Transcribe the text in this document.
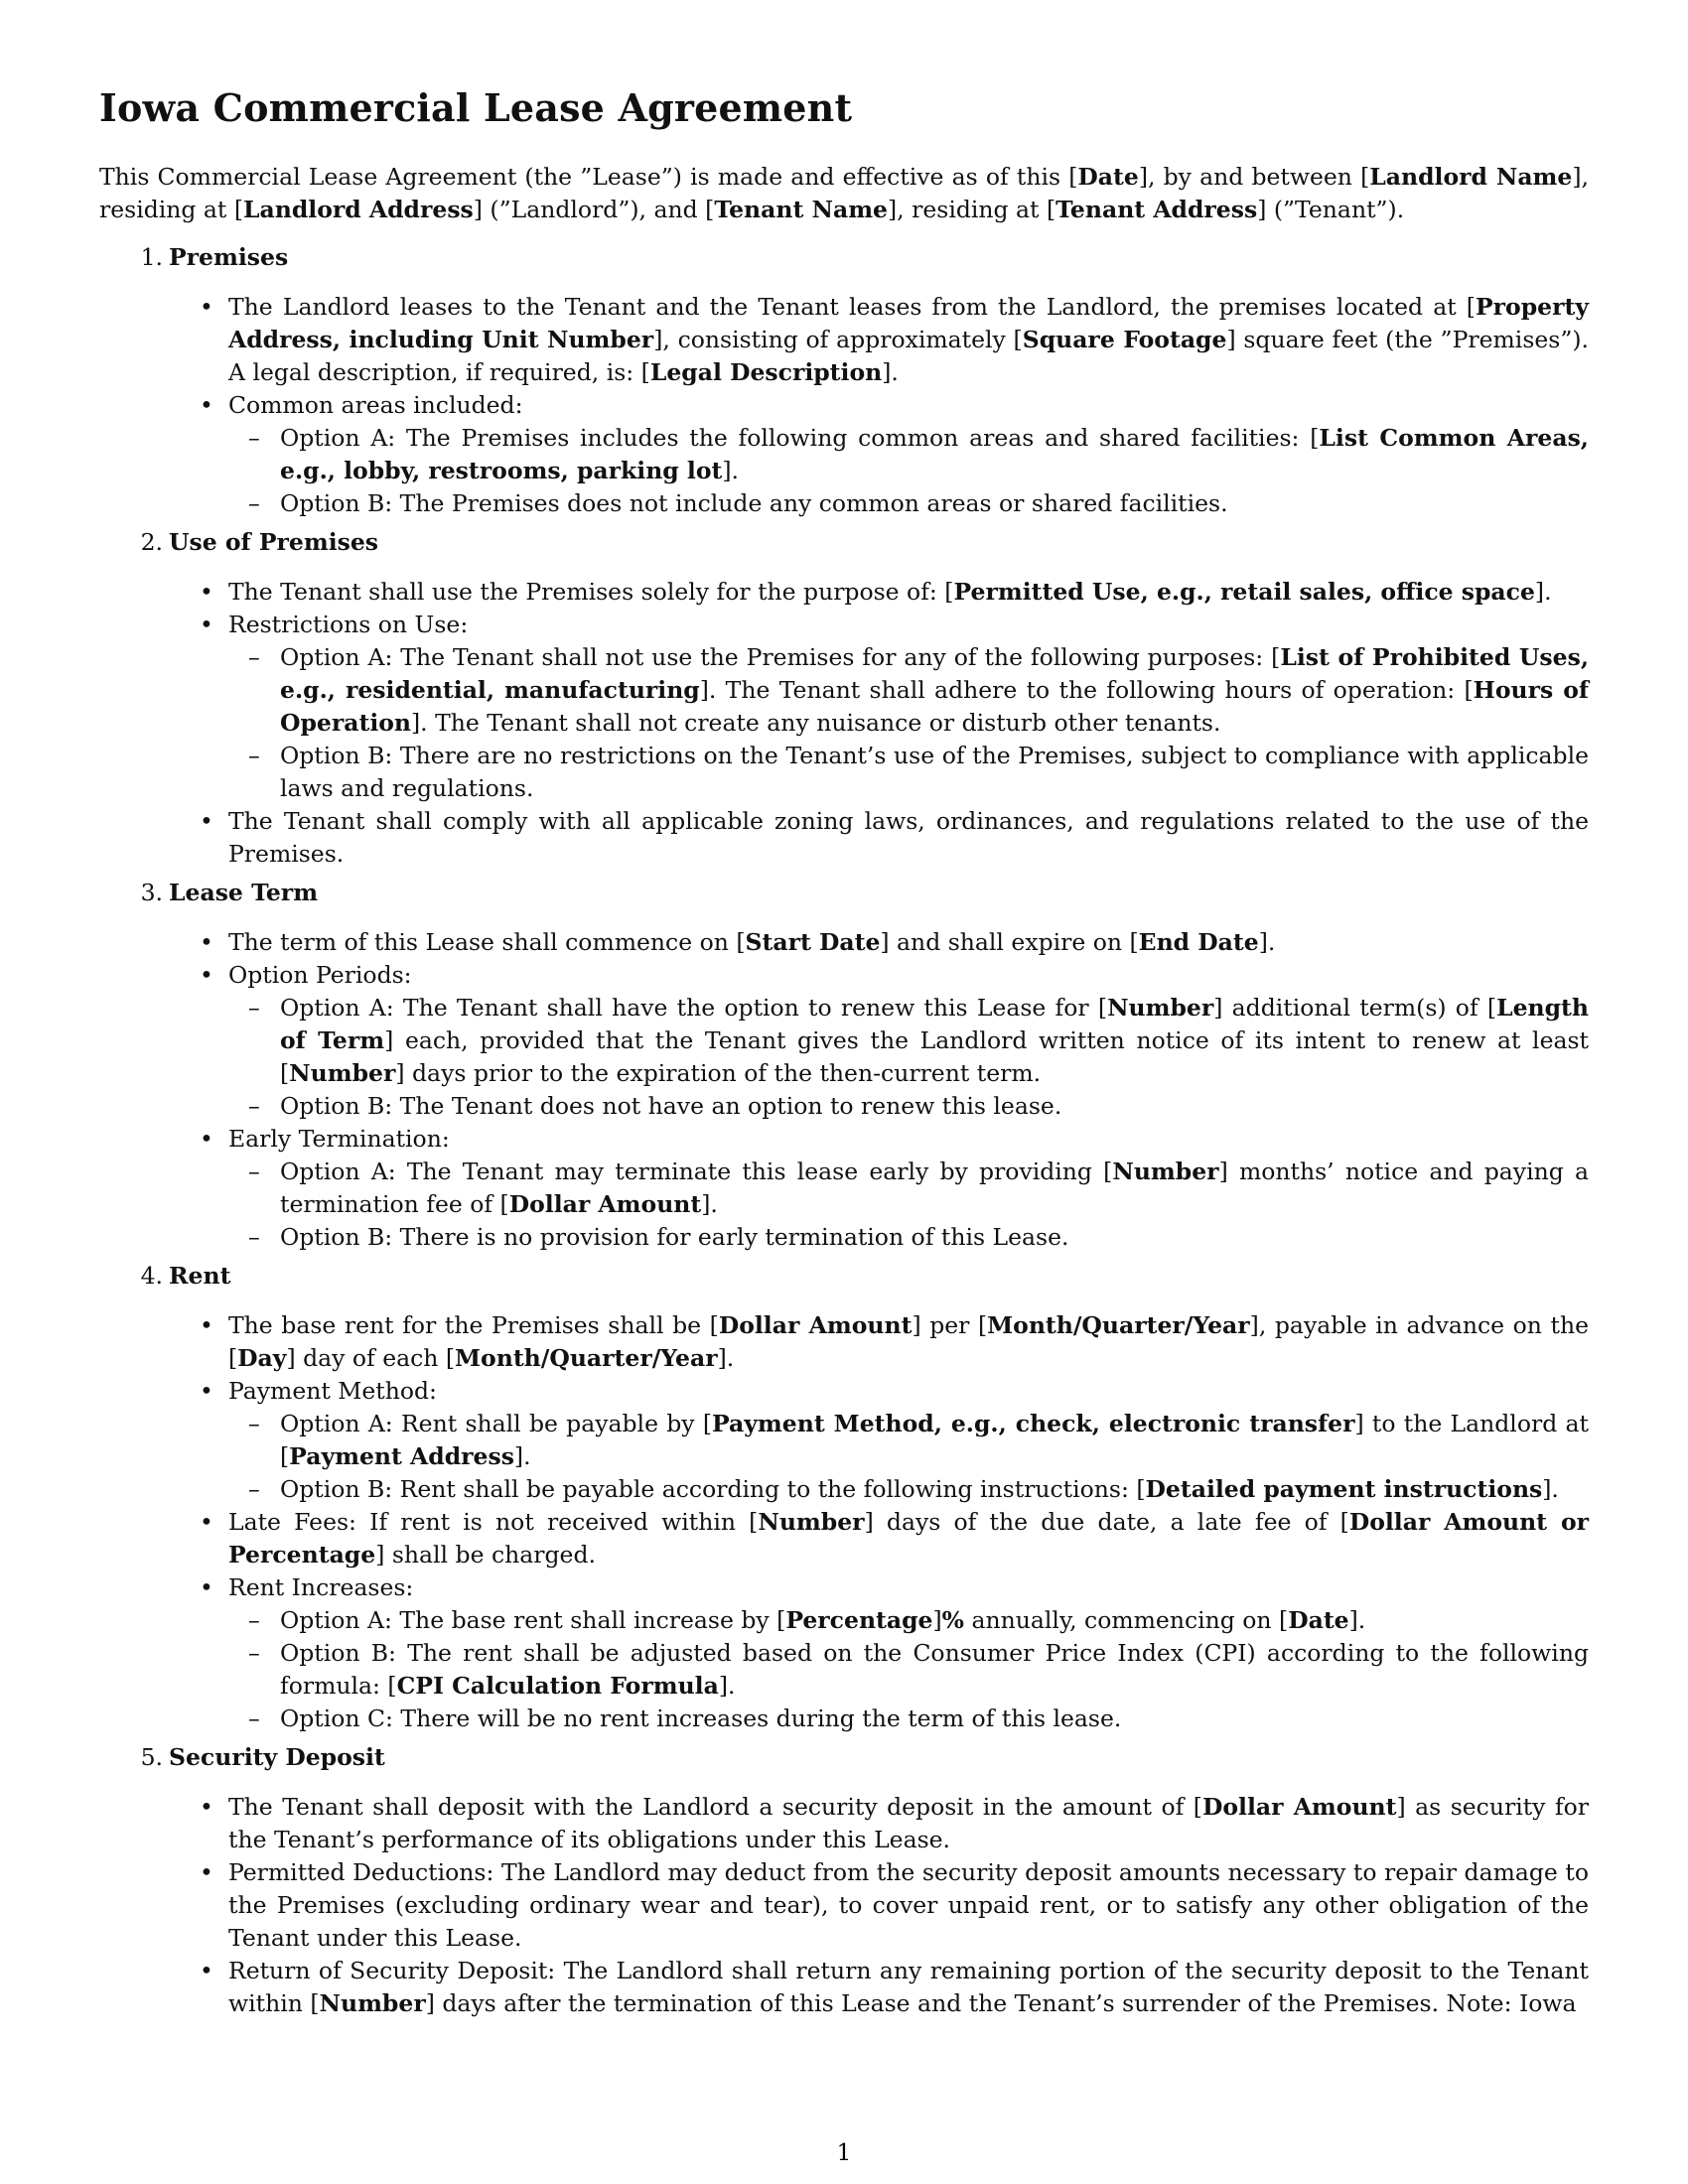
Iowa Commercial Lease Agreement

This Commercial Lease Agreement (the ”Lease”) is made and effective as of this [Date], by and between [Landlord Name], residing at [Landlord Address] (”Landlord”), and [Tenant Name], residing at [Tenant Address] (”Tenant”).

1. Premises
• The Landlord leases to the Tenant and the Tenant leases from the Landlord, the premises located at [Property Address, including Unit Number], consisting of approximately [Square Footage] square feet (the ”Premises”). A legal description, if required, is: [Legal Description].
• Common areas included:
– Option A: The Premises includes the following common areas and shared facilities: [List Common Areas, e.g., lobby, restrooms, parking lot].
– Option B: The Premises does not include any common areas or shared facilities.
2. Use of Premises
• The Tenant shall use the Premises solely for the purpose of: [Permitted Use, e.g., retail sales, office space].
• Restrictions on Use:
– Option A: The Tenant shall not use the Premises for any of the following purposes: [List of Prohibited Uses, e.g., residential, manufacturing]. The Tenant shall adhere to the following hours of operation: [Hours of Operation]. The Tenant shall not create any nuisance or disturb other tenants.
– Option B: There are no restrictions on the Tenant’s use of the Premises, subject to compliance with applicable laws and regulations.
• The Tenant shall comply with all applicable zoning laws, ordinances, and regulations related to the use of the Premises.
3. Lease Term
• The term of this Lease shall commence on [Start Date] and shall expire on [End Date].
• Option Periods:
– Option A: The Tenant shall have the option to renew this Lease for [Number] additional term(s) of [Length of Term] each, provided that the Tenant gives the Landlord written notice of its intent to renew at least [Number] days prior to the expiration of the then-current term.
– Option B: The Tenant does not have an option to renew this lease.
• Early Termination:
– Option A: The Tenant may terminate this lease early by providing [Number] months’ notice and paying a termination fee of [Dollar Amount].
– Option B: There is no provision for early termination of this Lease.
4. Rent
• The base rent for the Premises shall be [Dollar Amount] per [Month/Quarter/Year], payable in advance on the [Day] day of each [Month/Quarter/Year].
• Payment Method:
– Option A: Rent shall be payable by [Payment Method, e.g., check, electronic transfer] to the Landlord at [Payment Address].
– Option B: Rent shall be payable according to the following instructions: [Detailed payment instructions].
• Late Fees: If rent is not received within [Number] days of the due date, a late fee of [Dollar Amount or Percentage] shall be charged.
• Rent Increases:
– Option A: The base rent shall increase by [Percentage]% annually, commencing on [Date].
– Option B: The rent shall be adjusted based on the Consumer Price Index (CPI) according to the following formula: [CPI Calculation Formula].
– Option C: There will be no rent increases during the term of this lease.
5. Security Deposit
• The Tenant shall deposit with the Landlord a security deposit in the amount of [Dollar Amount] as security for the Tenant’s performance of its obligations under this Lease.
• Permitted Deductions: The Landlord may deduct from the security deposit amounts necessary to repair damage to the Premises (excluding ordinary wear and tear), to cover unpaid rent, or to satisfy any other obligation of the Tenant under this Lease.
• Return of Security Deposit: The Landlord shall return any remaining portion of the security deposit to the Tenant within [Number] days after the termination of this Lease and the Tenant’s surrender of the Premises. Note: Iowa
1
